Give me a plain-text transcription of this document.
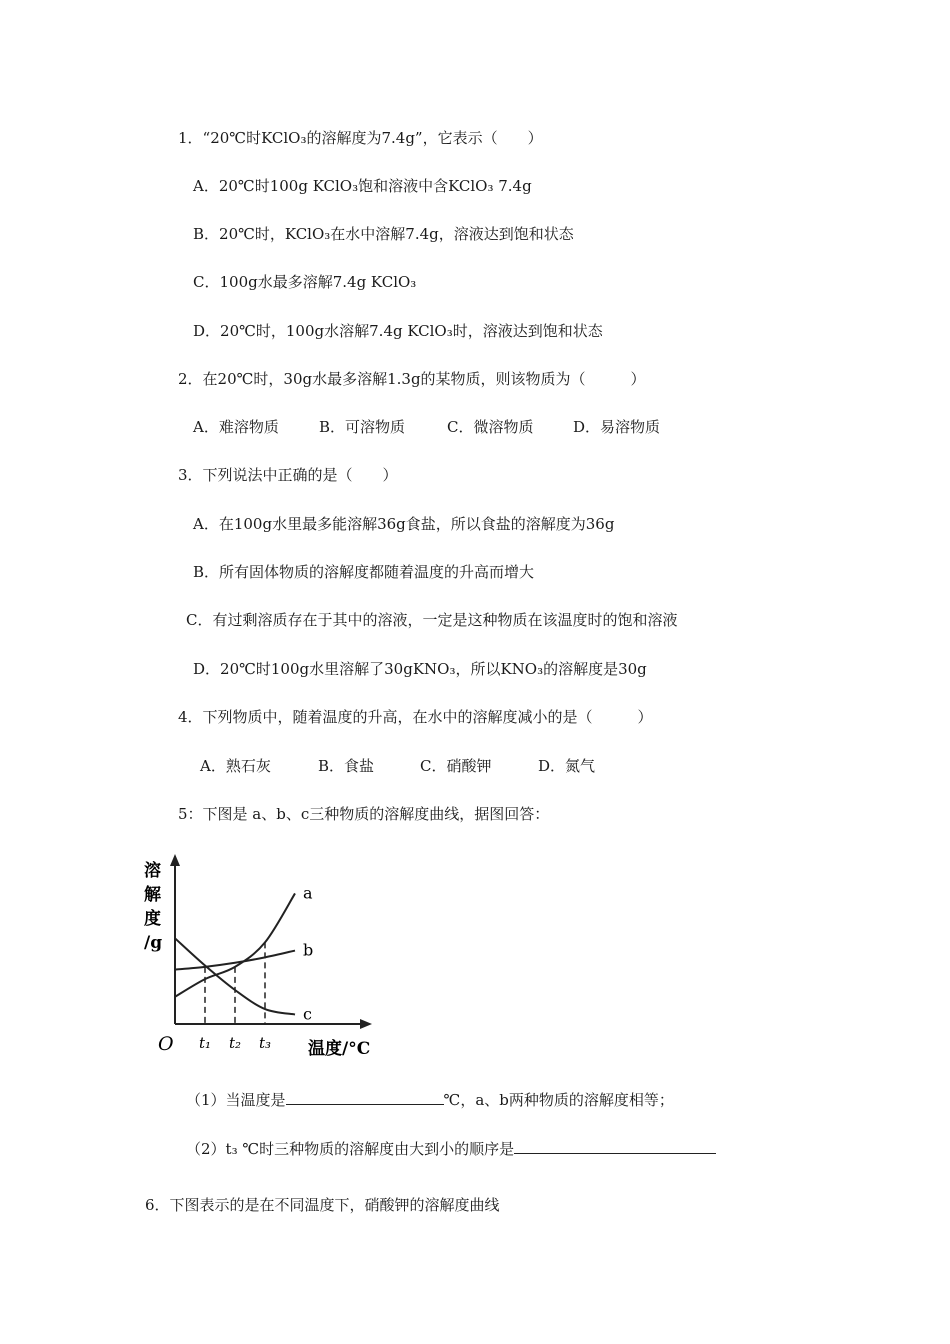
1．“20℃时KClO₃的溶解度为7.4g”，它表示（　　）
A．20℃时100g KClO₃饱和溶液中含KClO₃ 7.4g
B．20℃时，KClO₃在水中溶解7.4g，溶液达到饱和状态
C．100g水最多溶解7.4g KClO₃
D．20℃时，100g水溶解7.4g KClO₃时，溶液达到饱和状态
2．在20℃时，30g水最多溶解1.3g的某物质，则该物质为（　　　）
A．难溶物质	B．可溶物质	C．微溶物质	D．易溶物质
3．下列说法中正确的是（　　）
A．在100g水里最多能溶解36g食盐，所以食盐的溶解度为36g
B．所有固体物质的溶解度都随着温度的升高而增大
C．有过剩溶质存在于其中的溶液，一定是这种物质在该温度时的饱和溶液
D．20℃时100g水里溶解了30gKNO₃，所以KNO₃的溶解度是30g
4．下列物质中，随着温度的升高，在水中的溶解度减小的是（　　　）
A．熟石灰	B．食盐	C．硝酸钾	D．氮气
5：下图是 a、b、c三种物质的溶解度曲线，据图回答：
a
b
c
t₁ t₂ t₃
溶
解
度
/g
O	温度/°C
（1）当温度是	℃，a、b两种物质的溶解度相等；
（2）t₃ ℃时三种物质的溶解度由大到小的顺序是
6．下图表示的是在不同温度下，硝酸钾的溶解度曲线
